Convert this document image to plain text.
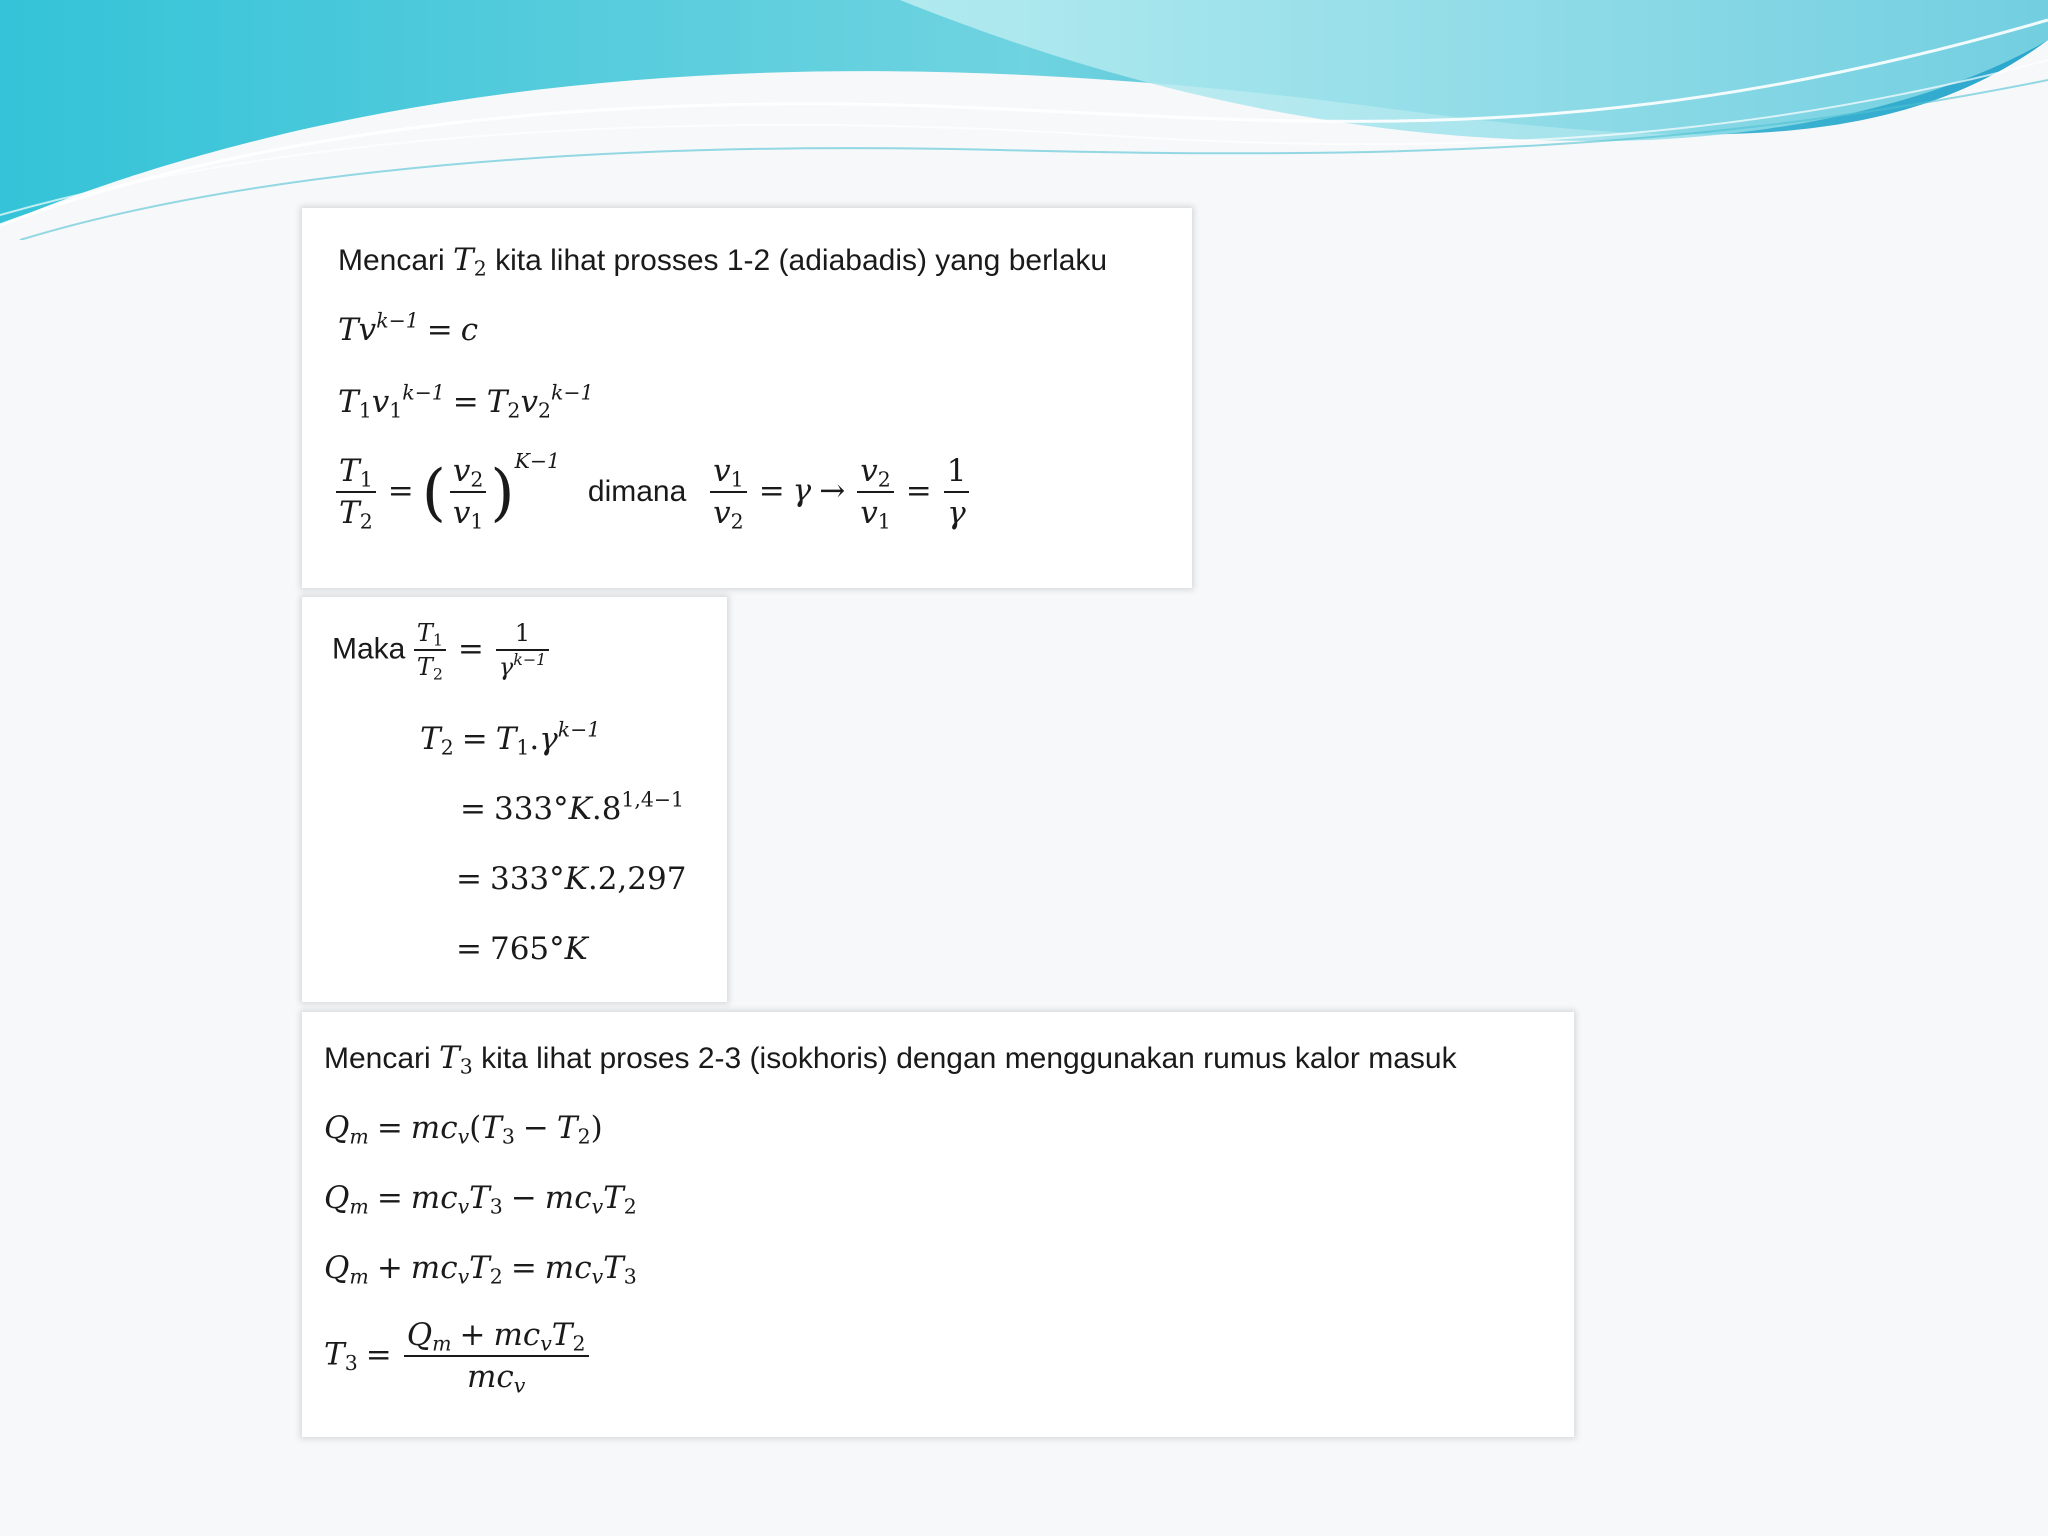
Mencari $T_2$ kita lihat prosses 1-2 (adiabadis) yang berlaku
$Tv^{k-1} = c$
$T_1v_1^{k-1} = T_2v_2^{k-1}$
$\frac{T_1}{T_2}$ = ( $\frac{v_2}{v_1} )^{K-1}$ dimana $\frac{v_1}{v_2} = \gamma \to \frac{v_2}{v_1} = \frac{1}{\gamma}$
Maka $\frac{T_1}{T_2} = \frac{1}{\gamma^{k-1}}$
$T_2 = T_1.\gamma^{k-1}$
= $333^\circ K.8^{1,4-1}$
= 333°K.2,297
= 765°K
Mencari $T_3$ kita lihat proses 2-3 (isokhoris) dengan menggunakan rumus kalor masuk
$Q_m = mc_v(T_3 - T_2)$
$Q_m = mc_vT_3 - mc_vT_2$
$Q_m + mc_vT_2 = mc_vT_3$
$T_3 = \frac{Q_m + mc_vT_2}{mc_v}$
